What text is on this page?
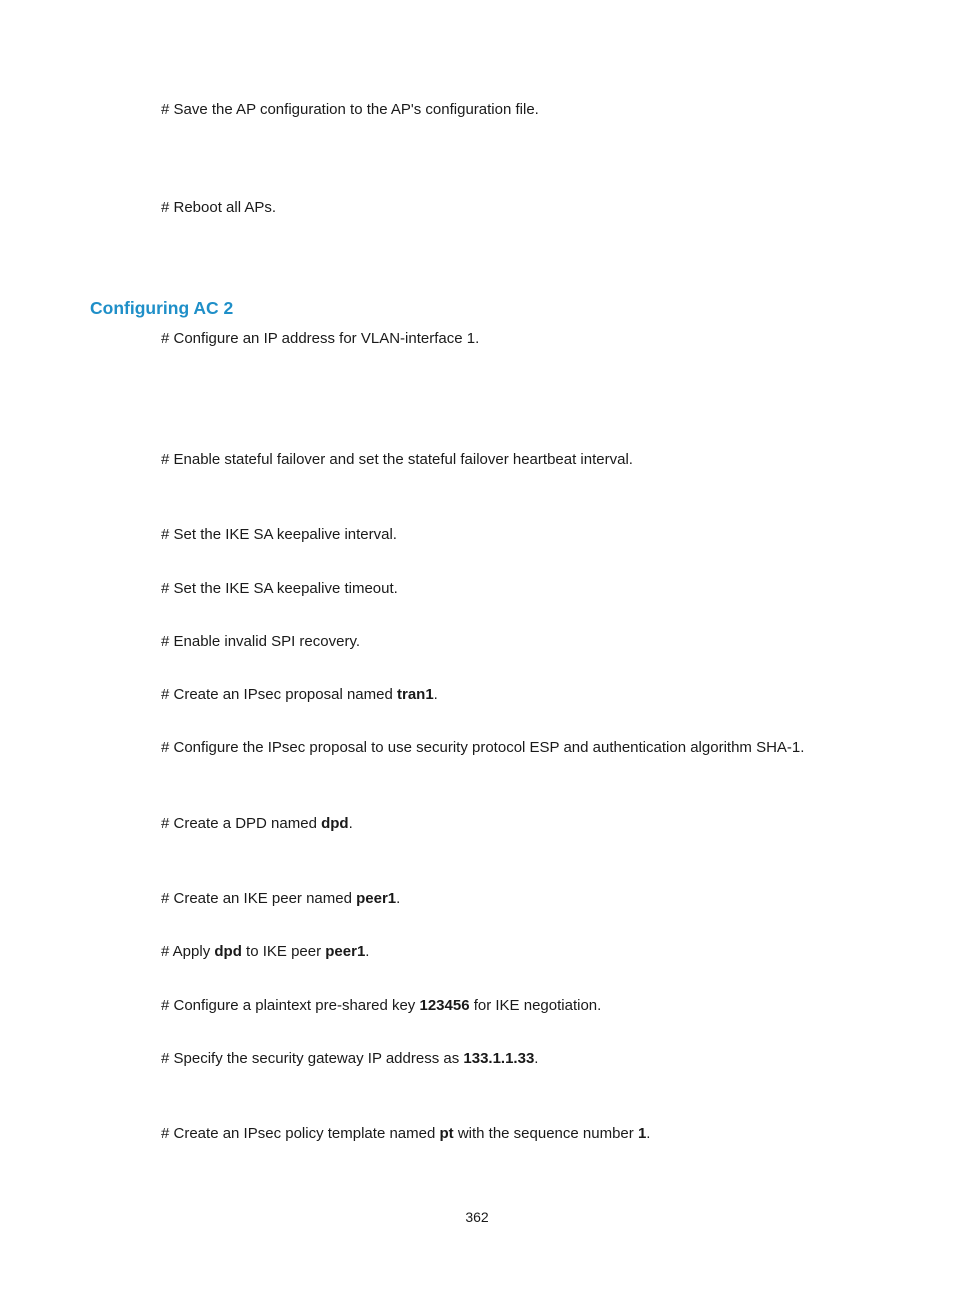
# Save the AP configuration to the AP's configuration file.
# Reboot all APs.
Configuring AC 2
# Configure an IP address for VLAN-interface 1.
# Enable stateful failover and set the stateful failover heartbeat interval.
# Set the IKE SA keepalive interval.
# Set the IKE SA keepalive timeout.
# Enable invalid SPI recovery.
# Create an IPsec proposal named tran1.
# Configure the IPsec proposal to use security protocol ESP and authentication algorithm SHA-1.
# Create a DPD named dpd.
# Create an IKE peer named peer1.
# Apply dpd to IKE peer peer1.
# Configure a plaintext pre-shared key 123456 for IKE negotiation.
# Specify the security gateway IP address as 133.1.1.33.
# Create an IPsec policy template named pt with the sequence number 1.
362
